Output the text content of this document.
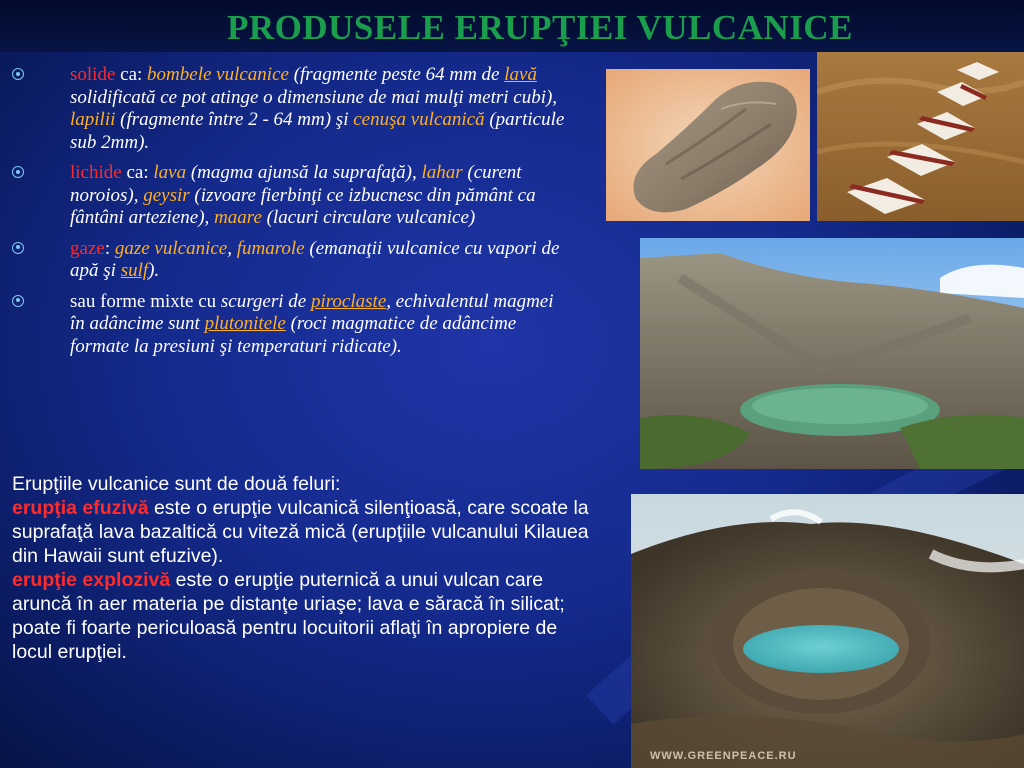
PRODUSELE ERUPŢIEI VULCANICE
solide ca: bombele vulcanice (fragmente peste 64 mm de lavă solidificată ce pot atinge o dimensiune de mai mulţi metri cubi), lapilii (fragmente între 2 - 64 mm) şi cenuşa vulcanică (particule sub 2mm).
lichide ca: lava (magma ajunsă la suprafaţă), lahar (curent noroios), geysir (izvoare fierbinţi ce izbucnesc din pământ ca fântâni arteziene), maare (lacuri circulare vulcanice)
gaze: gaze vulcanice, fumarole (emanaţii vulcanice cu vapori de apă şi sulf).
sau forme mixte cu scurgeri de piroclaste, echivalentul magmei în adâncime sunt plutonitele (roci magmatice de adâncime formate la presiuni şi temperaturi ridicate).
Erupţiile vulcanice sunt de două feluri:
erupţia efuzivă este o erupţie vulcanică silenţioasă, care scoate la suprafaţă lava bazaltică cu viteză mică (erupţiile vulcanului Kilauea din Hawaii sunt efuzive).
erupţie explozivă este o erupţie puternică a unui vulcan care aruncă în aer materia pe distanţe uriaşe; lava e săracă în silicat; poate fi foarte periculoasă pentru locuitorii aflaţi în apropiere de locul erupţiei.
WWW.GREENPEACE.RU
